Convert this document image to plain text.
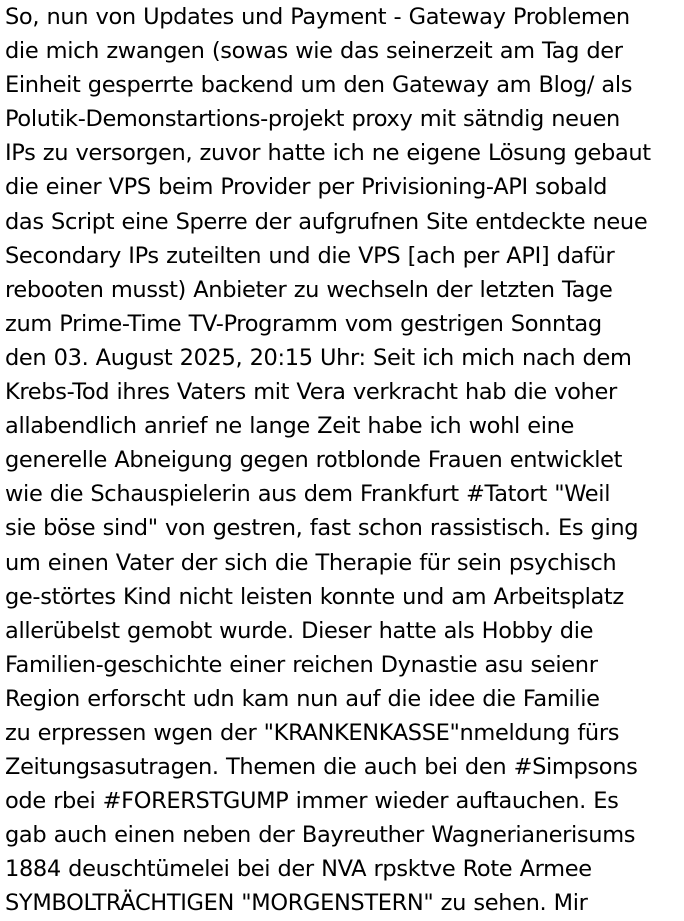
So, nun von Updates und Payment - Gateway Problemen
die mich zwangen (sowas wie das seinerzeit am Tag der
Einheit gesperrte backend um den Gateway am Blog/ als
Polutik-Demonstartions-projekt proxy mit sätndig neuen
IPs zu versorgen, zuvor hatte ich ne eigene Lösung gebaut
die einer VPS beim Provider per Privisioning-API sobald
das Script eine Sperre der aufgrufnen Site entdeckte neue
Secondary IPs zuteilten und die VPS [ach per API] dafür
rebooten musst) Anbieter zu wechseln der letzten Tage
zum Prime-Time TV-Programm vom gestrigen Sonntag
den 03. August 2025, 20:15 Uhr: Seit ich mich nach dem
Krebs-Tod ihres Vaters mit Vera verkracht hab die voher
allabendlich anrief ne lange Zeit habe ich wohl eine
generelle Abneigung gegen rotblonde Frauen entwicklet
wie die Schauspielerin aus dem Frankfurt #Tatort "Weil
sie böse sind" von gestren, fast schon rassistisch. Es ging
um einen Vater der sich die Therapie für sein psychisch
ge-störtes Kind nicht leisten konnte und am Arbeitsplatz
allerübelst gemobt wurde. Dieser hatte als Hobby die
Familien-geschichte einer reichen Dynastie asu seienr
Region erforscht udn kam nun auf die idee die Familie
zu erpressen wgen der "KRANKENKASSE"nmeldung fürs
Zeitungsasutragen. Themen die auch bei den #Simpsons
ode rbei #FORERSTGUMP immer wieder auftauchen. Es
gab auch einen neben der Bayreuther Wagnerianerisums
1884 deuschtümelei bei der NVA rpsktve Rote Armee
SYMBOLTRÄCHTIGEN "MORGENSTERN" zu sehen. Mir
